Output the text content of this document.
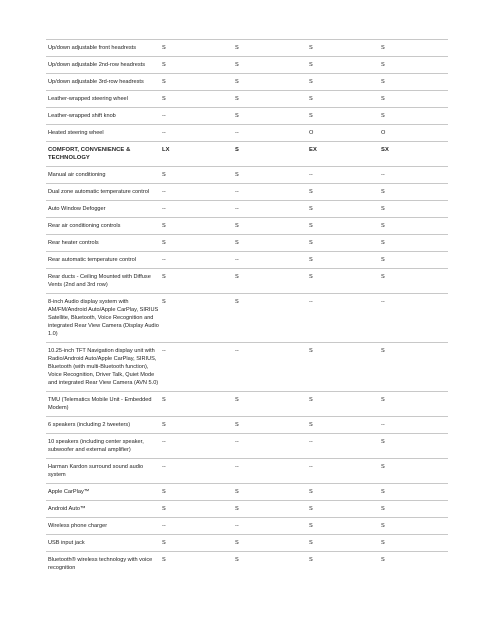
Up/down adjustable front headrests	S	S	S	S
Up/down adjustable 2nd-row headrests	S	S	S	S
Up/down adjustable 3rd-row headrests	S	S	S	S
Leather-wrapped steering wheel	S	S	S	S
Leather-wrapped shift knob	--	S	S	S
Heated steering wheel	--	--	O	O
COMFORT, CONVENIENCE & TECHNOLOGY	LX	S	EX	SX
Manual air conditioning	S	S	--	--
Dual zone automatic temperature control	--	--	S	S
Auto Window Defogger	--	--	S	S
Rear air conditioning controls	S	S	S	S
Rear heater controls	S	S	S	S
Rear automatic temperature control	--	--	S	S
Rear ducts - Ceiling Mounted with Diffuse Vents (2nd and 3rd row)	S	S	S	S
8-inch Audio display system with AM/FM/Android Auto/Apple CarPlay, SIRIUS Satellite, Bluetooth, Voice Recognition and integrated Rear View Camera (Display Audio 1.0)	S	S	--	--
10.25-inch TFT Navigation display unit with Radio/Android Auto/Apple CarPlay, SIRIUS, Bluetooth (with multi-Bluetooth function), Voice Recognition, Driver Talk, Quiet Mode and integrated Rear View Camera (AVN 5.0)	--	--	S	S
TMU (Telematics Mobile Unit - Embedded Modem)	S	S	S	S
6 speakers (including 2 tweeters)	S	S	S	--
10 speakers (including center speaker, subwoofer and external amplifier)	--	--	--	S
Harman Kardon surround sound audio system	--	--	--	S
Apple CarPlay™	S	S	S	S
Android Auto™	S	S	S	S
Wireless phone charger	--	--	S	S
USB input jack	S	S	S	S
Bluetooth® wireless technology with voice recognition	S	S	S	S
